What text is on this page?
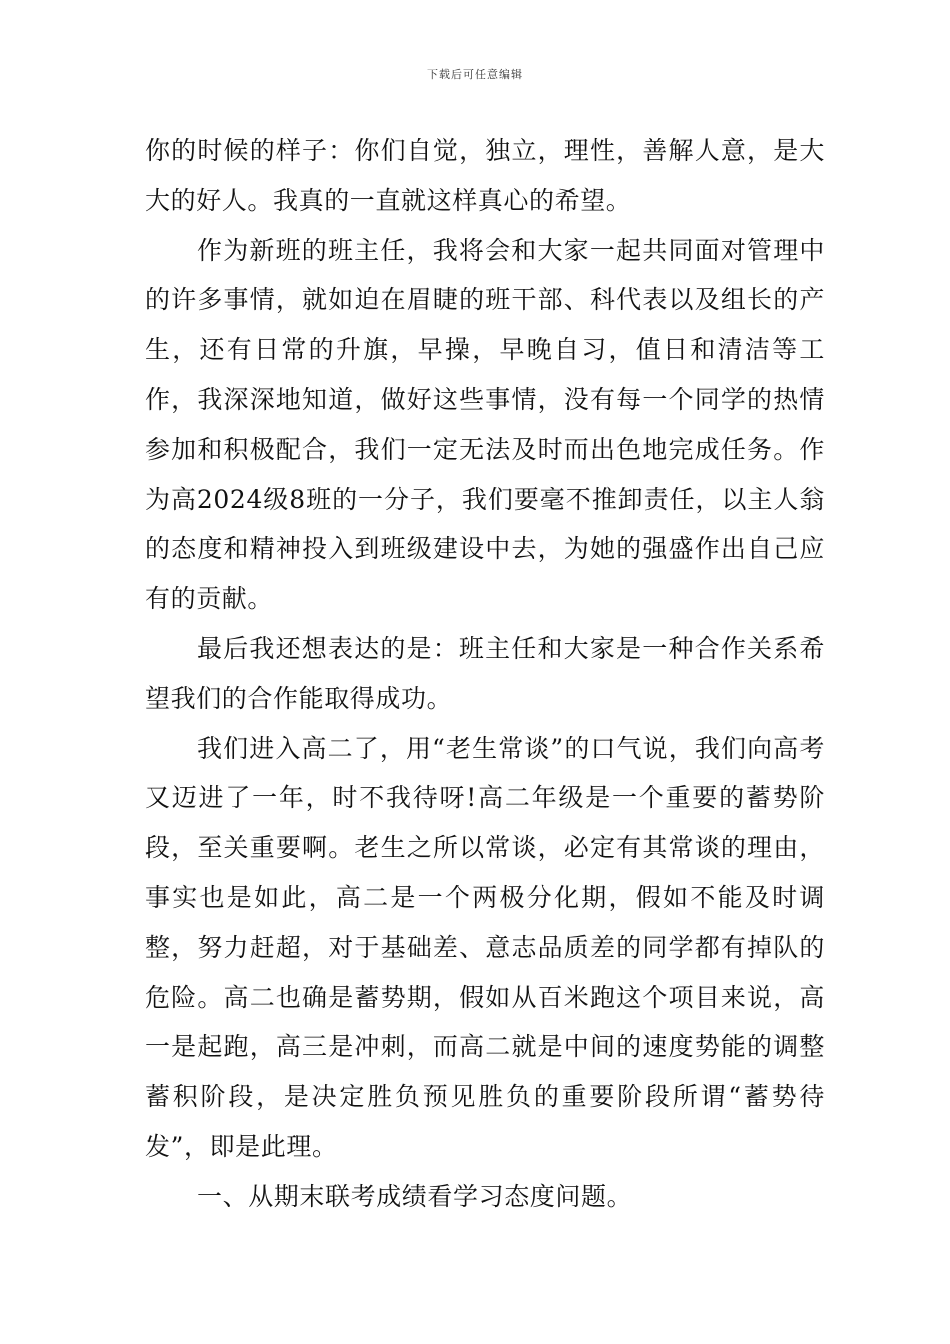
下载后可任意编辑

你的时候的样子：你们自觉，独立，理性，善解人意，是大大的好人。我真的一直就这样真心的希望。

作为新班的班主任，我将会和大家一起共同面对管理中的许多事情，就如迫在眉睫的班干部、科代表以及组长的产生，还有日常的升旗，早操，早晚自习，值日和清洁等工作，我深深地知道，做好这些事情，没有每一个同学的热情参加和积极配合，我们一定无法及时而出色地完成任务。作为高2024级8班的一分子，我们要毫不推卸责任，以主人翁的态度和精神投入到班级建设中去，为她的强盛作出自己应有的贡献。

最后我还想表达的是：班主任和大家是一种合作关系希望我们的合作能取得成功。

我们进入高二了，用“老生常谈”的口气说，我们向高考又迈进了一年，时不我待呀!高二年级是一个重要的蓄势阶段，至关重要啊。老生之所以常谈，必定有其常谈的理由，事实也是如此，高二是一个两极分化期，假如不能及时调整，努力赶超，对于基础差、意志品质差的同学都有掉队的危险。高二也确是蓄势期，假如从百米跑这个项目来说，高一是起跑，高三是冲刺，而高二就是中间的速度势能的调整蓄积阶段，是决定胜负预见胜负的重要阶段所谓“蓄势待发”，即是此理。

一、从期末联考成绩看学习态度问题。
